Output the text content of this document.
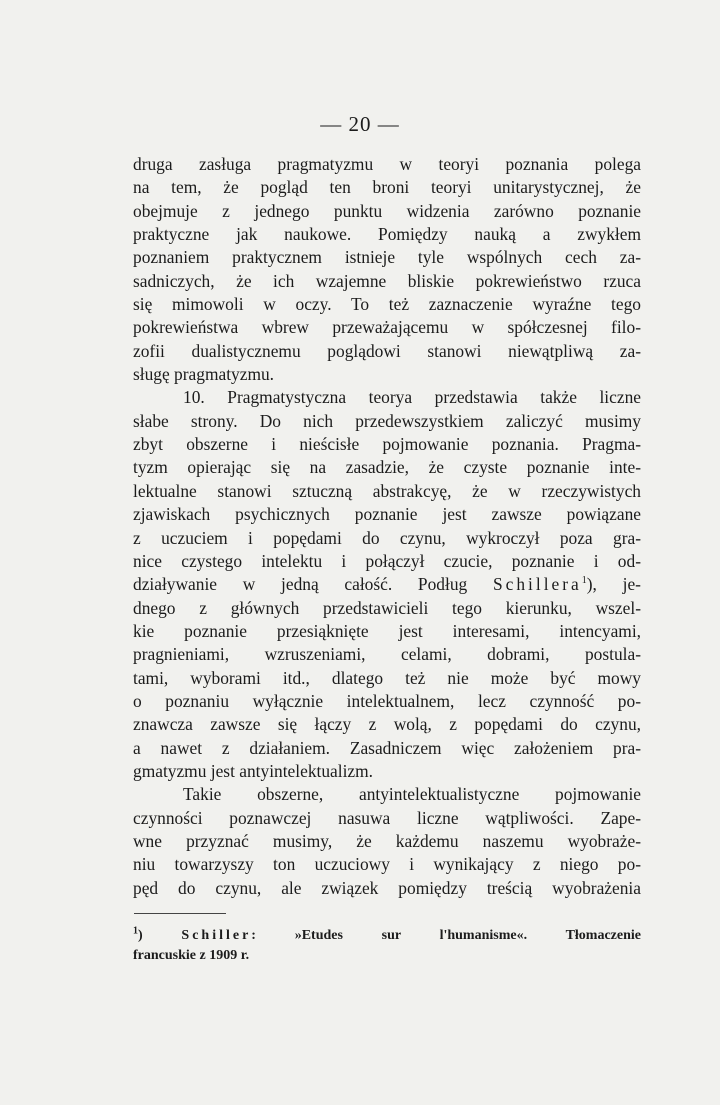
— 20 —
druga zasługa pragmatyzmu w teoryi poznania polega
na tem, że pogląd ten broni teoryi unitarystycznej, że
obejmuje z jednego punktu widzenia zarówno poznanie
praktyczne jak naukowe. Pomiędzy nauką a zwykłem
poznaniem praktycznem istnieje tyle wspólnych cech za-
sadniczych, że ich wzajemne bliskie pokrewieństwo rzuca
się mimowoli w oczy. To też zaznaczenie wyraźne tego
pokrewieństwa wbrew przeważającemu w spółczesnej filo-
zofii dualistycznemu poglądowi stanowi niewątpliwą za-
sługę pragmatyzmu.
10. Pragmatystyczna teorya przedstawia także liczne
słabe strony. Do nich przedewszystkiem zaliczyć musimy
zbyt obszerne i nieścisłe pojmowanie poznania. Pragma-
tyzm opierając się na zasadzie, że czyste poznanie inte-
lektualne stanowi sztuczną abstrakcyę, że w rzeczywistych
zjawiskach psychicznych poznanie jest zawsze powiązane
z uczuciem i popędami do czynu, wykroczył poza gra-
nice czystego intelektu i połączył czucie, poznanie i od-
działywanie w jedną całość. Podług Schillera$^1$), je-
dnego z głównych przedstawicieli tego kierunku, wszel-
kie poznanie przesiąknięte jest interesami, intencyami,
pragnieniami, wzruszeniami, celami, dobrami, postula-
tami, wyborami itd., dlatego też nie może być mowy
o poznaniu wyłącznie intelektualnem, lecz czynność po-
znawcza zawsze się łączy z wolą, z popędami do czynu,
a nawet z działaniem. Zasadniczem więc założeniem pra-
gmatyzmu jest antyintelektualizm.
Takie obszerne, antyintelektualistyczne pojmowanie
czynności poznawczej nasuwa liczne wątpliwości. Zape-
wne przyznać musimy, że każdemu naszemu wyobraże-
niu towarzyszy ton uczuciowy i wynikający z niego po-
pęd do czynu, ale związek pomiędzy treścią wyobrażenia
$^1$) Schiller: »Etudes sur l'humanisme«. Tłomaczenie
francuskie z 1909 r.
